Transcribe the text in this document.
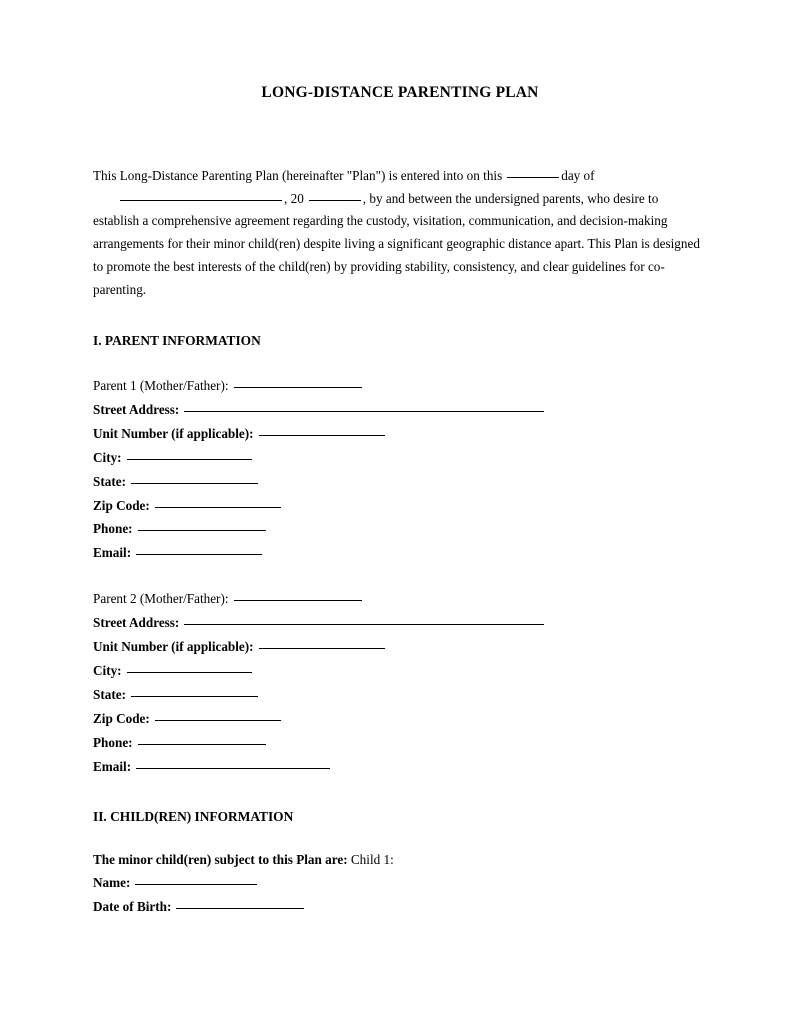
LONG-DISTANCE PARENTING PLAN

This Long-Distance Parenting Plan (hereinafter "Plan") is entered into on this	day of, 20	, by and between the undersigned parents, who desire to establish a comprehensive agreement regarding the custody, visitation, communication, and decision-making arrangements for their minor child(ren) despite living a significant geographic distance apart. This Plan is designed to promote the best interests of the child(ren) by providing stability, consistency, and clear guidelines for co-parenting.

I. PARENT INFORMATION
Parent 1 (Mother/Father):
Street Address:
Unit Number (if applicable):
City:
State:
Zip Code:
Phone:
Email:
Parent 2 (Mother/Father):
Street Address:
Unit Number (if applicable):
City:
State:
Zip Code:
Phone:
Email:
II. CHILD(REN) INFORMATION
The minor child(ren) subject to this Plan are: Child 1:
Name:
Date of Birth:
